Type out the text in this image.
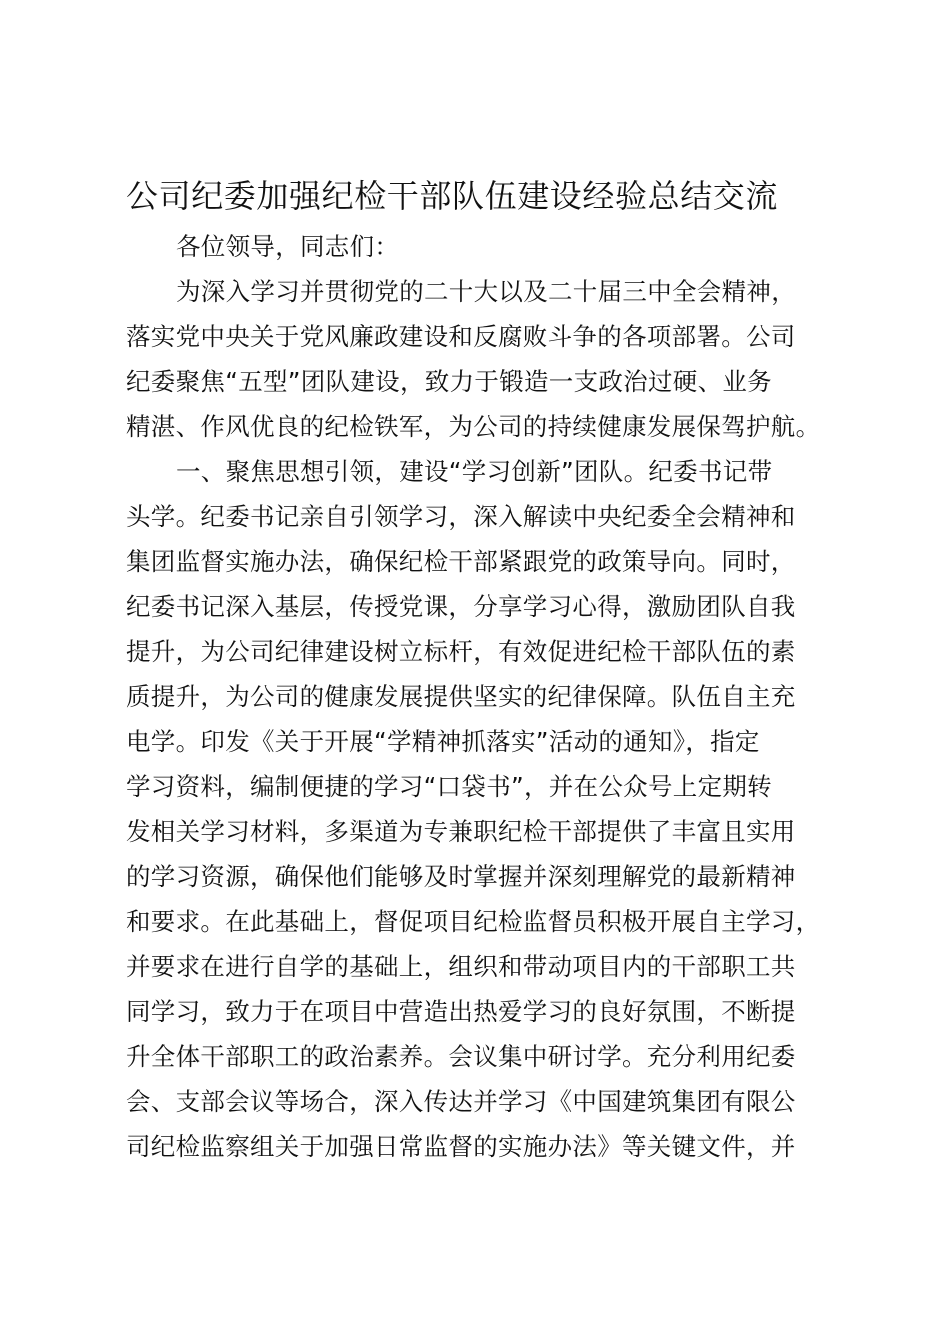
公司纪委加强纪检干部队伍建设经验总结交流
各位领导，同志们：
为深入学习并贯彻党的二十大以及二十届三中全会精神，
落实党中央关于党风廉政建设和反腐败斗争的各项部署。公司
纪委聚焦“五型”团队建设，致力于锻造一支政治过硬、业务
精湛、作风优良的纪检铁军，为公司的持续健康发展保驾护航。
一、聚焦思想引领，建设“学习创新”团队。纪委书记带
头学。纪委书记亲自引领学习，深入解读中央纪委全会精神和
集团监督实施办法，确保纪检干部紧跟党的政策导向。同时，
纪委书记深入基层，传授党课，分享学习心得，激励团队自我
提升，为公司纪律建设树立标杆，有效促进纪检干部队伍的素
质提升，为公司的健康发展提供坚实的纪律保障。队伍自主充
电学。印发《关于开展“学精神抓落实”活动的通知》，指定
学习资料，编制便捷的学习“口袋书”，并在公众号上定期转
发相关学习材料，多渠道为专兼职纪检干部提供了丰富且实用
的学习资源，确保他们能够及时掌握并深刻理解党的最新精神
和要求。在此基础上，督促项目纪检监督员积极开展自主学习，
并要求在进行自学的基础上，组织和带动项目内的干部职工共
同学习，致力于在项目中营造出热爱学习的良好氛围，不断提
升全体干部职工的政治素养。会议集中研讨学。充分利用纪委
会、支部会议等场合，深入传达并学习《中国建筑集团有限公
司纪检监察组关于加强日常监督的实施办法》等关键文件，并
